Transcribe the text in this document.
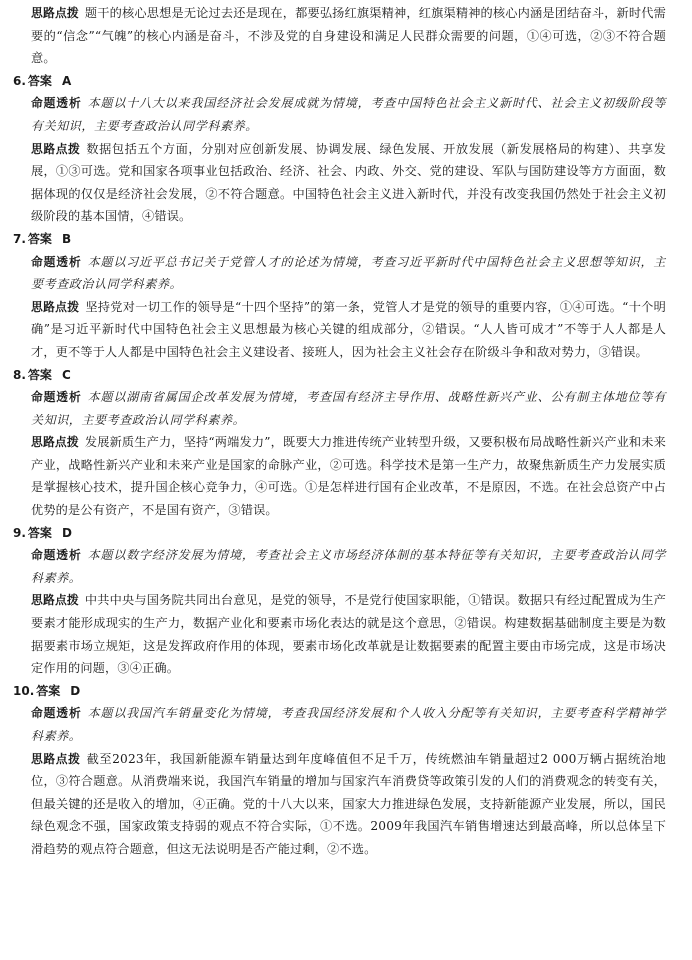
思路点拨 题干的核心思想是无论过去还是现在，都要弘扬红旗渠精神，红旗渠精神的核心内涵是团结奋斗，新时代需要的“信念”“气魄”的核心内涵是奋斗，不涉及党的自身建设和满足人民群众需要的问题，①④可选，②③不符合题意。
6. 答案 A
命题透析 本题以十八大以来我国经济社会发展成就为情境，考查中国特色社会主义新时代、社会主义初级阶段等有关知识，主要考查政治认同学科素养。
思路点拨 数据包括五个方面，分别对应创新发展、协调发展、绿色发展、开放发展（新发展格局的构建）、共享发展，①③可选。党和国家各项事业包括政治、经济、社会、内政、外交、党的建设、军队与国防建设等方方面面，数据体现的仅仅是经济社会发展，②不符合题意。中国特色社会主义进入新时代，并没有改变我国仍然处于社会主义初级阶段的基本国情，④错误。
7. 答案 B
命题透析 本题以习近平总书记关于党管人才的论述为情境，考查习近平新时代中国特色社会主义思想等知识，主要考查政治认同学科素养。
思路点拨 坚持党对一切工作的领导是“十四个坚持”的第一条，党管人才是党的领导的重要内容，①④可选。“十个明确”是习近平新时代中国特色社会主义思想最为核心关键的组成部分，②错误。“人人皆可成才”不等于人人都是人才，更不等于人人都是中国特色社会主义建设者、接班人，因为社会主义社会存在阶级斗争和敌对势力，③错误。
8. 答案 C
命题透析 本题以湖南省属国企改革发展为情境，考查国有经济主导作用、战略性新兴产业、公有制主体地位等有关知识，主要考查政治认同学科素养。
思路点拨 发展新质生产力，坚持“两端发力”，既要大力推进传统产业转型升级，又要积极布局战略性新兴产业和未来产业，战略性新兴产业和未来产业是国家的命脉产业，②可选。科学技术是第一生产力，故聚焦新质生产力发展实质是掌握核心技术，提升国企核心竞争力，④可选。①是怎样进行国有企业改革，不是原因，不选。在社会总资产中占优势的是公有资产，不是国有资产，③错误。
9. 答案 D
命题透析 本题以数字经济发展为情境，考查社会主义市场经济体制的基本特征等有关知识，主要考查政治认同学科素养。
思路点拨 中共中央与国务院共同出台意见，是党的领导，不是党行使国家职能，①错误。数据只有经过配置成为生产要素才能形成现实的生产力，数据产业化和要素市场化表达的就是这个意思，②错误。构建数据基础制度主要是为数据要素市场立规矩，这是发挥政府作用的体现，要素市场化改革就是让数据要素的配置主要由市场完成，这是市场决定作用的问题，③④正确。
10. 答案 D
命题透析 本题以我国汽车销量变化为情境，考查我国经济发展和个人收入分配等有关知识，主要考查科学精神学科素养。
思路点拨 截至2023年，我国新能源车销量达到年度峰值但不足千万，传统燃油车销量超过2 000万辆占据统治地位，③符合题意。从消费端来说，我国汽车销量的增加与国家汽车消费贷等政策引发的人们的消费观念的转变有关，但最关键的还是收入的增加，④正确。党的十八大以来，国家大力推进绿色发展，支持新能源产业发展，所以，国民绿色观念不强，国家政策支持弱的观点不符合实际，①不选。2009年我国汽车销售增速达到最高峰，所以总体呈下滑趋势的观点符合题意，但这无法说明是否产能过剩，②不选。
